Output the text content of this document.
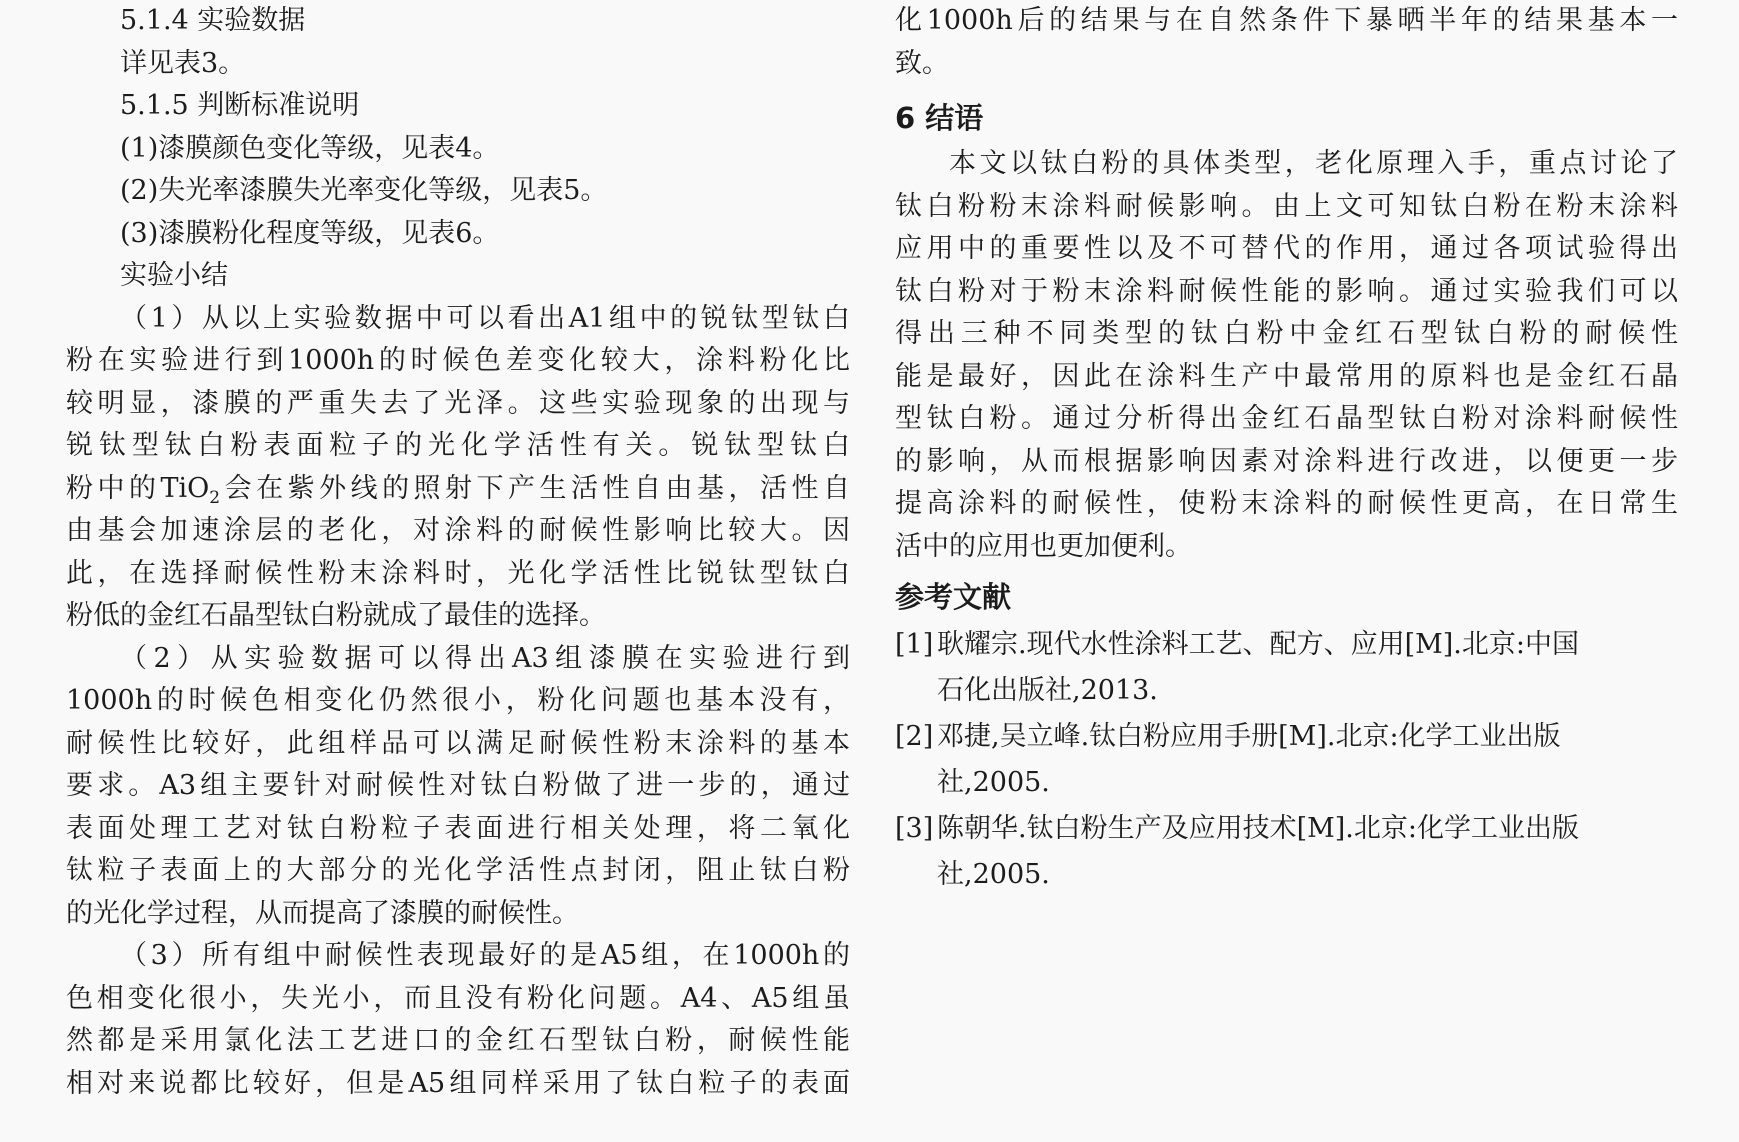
5.1.4 实验数据
详见表3。
5.1.5 判断标准说明
(1)漆膜颜色变化等级，见表4。
(2)失光率漆膜失光率变化等级，见表5。
(3)漆膜粉化程度等级，见表6。
实验小结
（1）从以上实验数据中可以看出A1组中的锐钛型钛白
粉在实验进行到1000h的时候色差变化较大，涂料粉化比
较明显，漆膜的严重失去了光泽。这些实验现象的出现与
锐钛型钛白粉表面粒子的光化学活性有关。锐钛型钛白
粉中的TiO$_2$会在紫外线的照射下产生活性自由基，活性自
由基会加速涂层的老化，对涂料的耐候性影响比较大。因
此，在选择耐候性粉末涂料时，光化学活性比锐钛型钛白
粉低的金红石晶型钛白粉就成了最佳的选择。
（2）从实验数据可以得出A3组漆膜在实验进行到
1000h的时候色相变化仍然很小，粉化问题也基本没有，
耐候性比较好，此组样品可以满足耐候性粉末涂料的基本
要求。A3组主要针对耐候性对钛白粉做了进一步的，通过
表面处理工艺对钛白粉粒子表面进行相关处理，将二氧化
钛粒子表面上的大部分的光化学活性点封闭，阻止钛白粉
的光化学过程，从而提高了漆膜的耐候性。
（3）所有组中耐候性表现最好的是A5组，在1000h的
色相变化很小，失光小，而且没有粉化问题。A4、A5组虽
然都是采用氯化法工艺进口的金红石型钛白粉，耐候性能
相对来说都比较好，但是A5组同样采用了钛白粒子的表面
化1000h后的结果与在自然条件下暴晒半年的结果基本一
致。
6 结语
本文以钛白粉的具体类型，老化原理入手，重点讨论了
钛白粉粉末涂料耐候影响。由上文可知钛白粉在粉末涂料
应用中的重要性以及不可替代的作用，通过各项试验得出
钛白粉对于粉末涂料耐候性能的影响。通过实验我们可以
得出三种不同类型的钛白粉中金红石型钛白粉的耐候性
能是最好，因此在涂料生产中最常用的原料也是金红石晶
型钛白粉。通过分析得出金红石晶型钛白粉对涂料耐候性
的影响，从而根据影响因素对涂料进行改进，以便更一步
提高涂料的耐候性，使粉末涂料的耐候性更高，在日常生
活中的应用也更加便利。
参考文献
[1] 耿耀宗.现代水性涂料工艺、配方、应用[M].北京:中国
石化出版社,2013.
[2] 邓捷,吴立峰.钛白粉应用手册[M].北京:化学工业出版
社,2005.
[3] 陈朝华.钛白粉生产及应用技术[M].北京:化学工业出版
社,2005.
